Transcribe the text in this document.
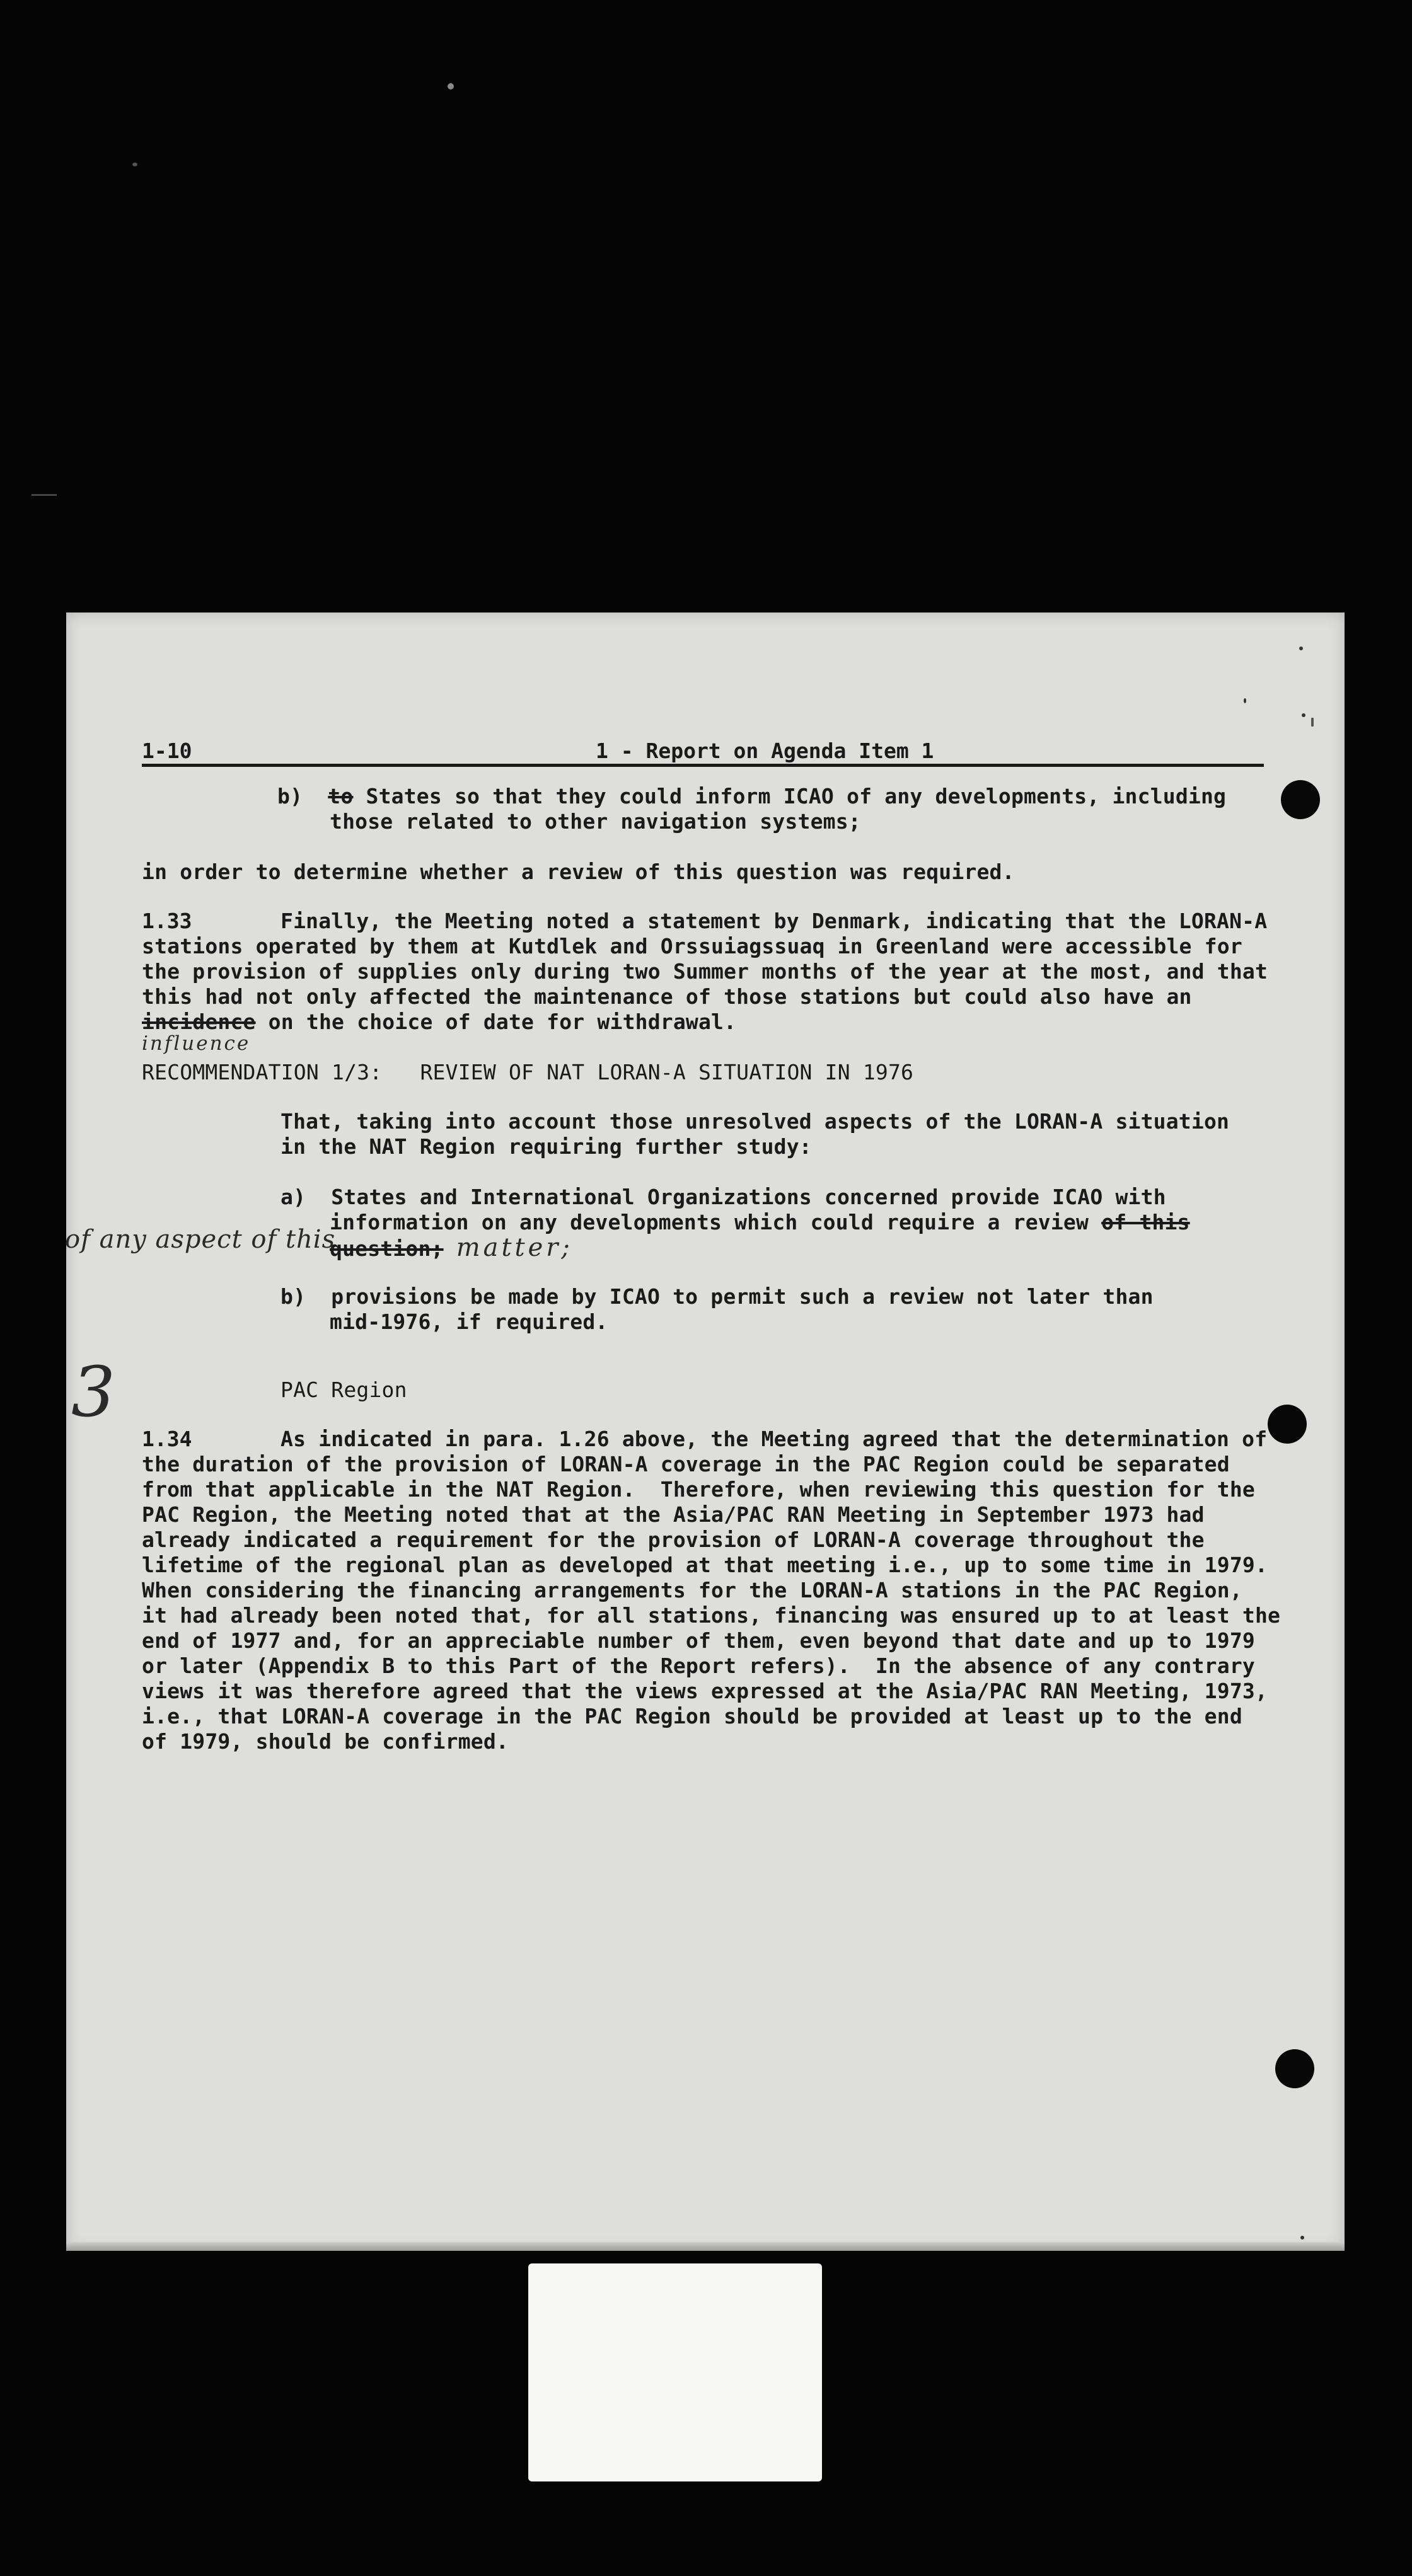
1-10	1 - Report on Agenda Item 1
b) to States so that they could inform ICAO of any developments, including
those related to other navigation systems;
in order to determine whether a review of this question was required.
1.33	Finally, the Meeting noted a statement by Denmark, indicating that the LORAN-A
stations operated by them at Kutdlek and Orssuiagssuaq in Greenland were accessible for
the provision of supplies only during two Summer months of the year at the most, and that
this had not only affected the maintenance of those stations but could also have an
incidence on the choice of date for withdrawal.
influence
RECOMMENDATION 1/3:   REVIEW OF NAT LORAN-A SITUATION IN 1976
That, taking into account those unresolved aspects of the LORAN-A situation
in the NAT Region requiring further study:
a) States and International Organizations concerned provide ICAO with
information on any developments which could require a review of this
question; matter;
of any aspect of this
b) provisions be made by ICAO to permit such a review not later than
mid-1976, if required.
3	PAC Region
1.34	As indicated in para. 1.26 above, the Meeting agreed that the determination of
the duration of the provision of LORAN-A coverage in the PAC Region could be separated
from that applicable in the NAT Region.  Therefore, when reviewing this question for the
PAC Region, the Meeting noted that at the Asia/PAC RAN Meeting in September 1973 had
already indicated a requirement for the provision of LORAN-A coverage throughout the
lifetime of the regional plan as developed at that meeting i.e., up to some time in 1979.
When considering the financing arrangements for the LORAN-A stations in the PAC Region,
it had already been noted that, for all stations, financing was ensured up to at least the
end of 1977 and, for an appreciable number of them, even beyond that date and up to 1979
or later (Appendix B to this Part of the Report refers).  In the absence of any contrary
views it was therefore agreed that the views expressed at the Asia/PAC RAN Meeting, 1973,
i.e., that LORAN-A coverage in the PAC Region should be provided at least up to the end
of 1979, should be confirmed.
